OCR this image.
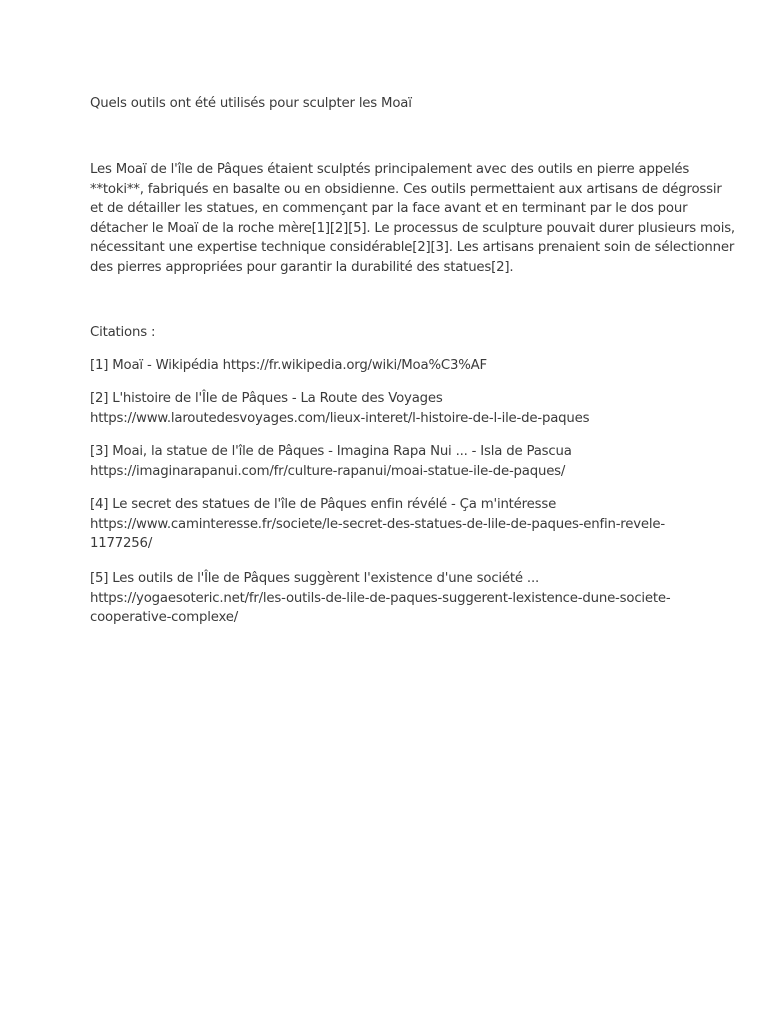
Quels outils ont été utilisés pour sculpter les Moaï
Les Moaï de l'île de Pâques étaient sculptés principalement avec des outils en pierre appelés
**toki**, fabriqués en basalte ou en obsidienne. Ces outils permettaient aux artisans de dégrossir
et de détailler les statues, en commençant par la face avant et en terminant par le dos pour
détacher le Moaï de la roche mère[1][2][5]. Le processus de sculpture pouvait durer plusieurs mois,
nécessitant une expertise technique considérable[2][3]. Les artisans prenaient soin de sélectionner
des pierres appropriées pour garantir la durabilité des statues[2].
Citations :
[1] Moaï - Wikipédia https://fr.wikipedia.org/wiki/Moa%C3%AF
[2] L'histoire de l'Île de Pâques - La Route des Voyages
https://www.laroutedesvoyages.com/lieux-interet/l-histoire-de-l-ile-de-paques
[3] Moai, la statue de l'île de Pâques - Imagina Rapa Nui ... - Isla de Pascua
https://imaginarapanui.com/fr/culture-rapanui/moai-statue-ile-de-paques/
[4] Le secret des statues de l'île de Pâques enfin révélé - Ça m'intéresse
https://www.caminteresse.fr/societe/le-secret-des-statues-de-lile-de-paques-enfin-revele-
1177256/
[5] Les outils de l'Île de Pâques suggèrent l'existence d'une société ...
https://yogaesoteric.net/fr/les-outils-de-lile-de-paques-suggerent-lexistence-dune-societe-
cooperative-complexe/
